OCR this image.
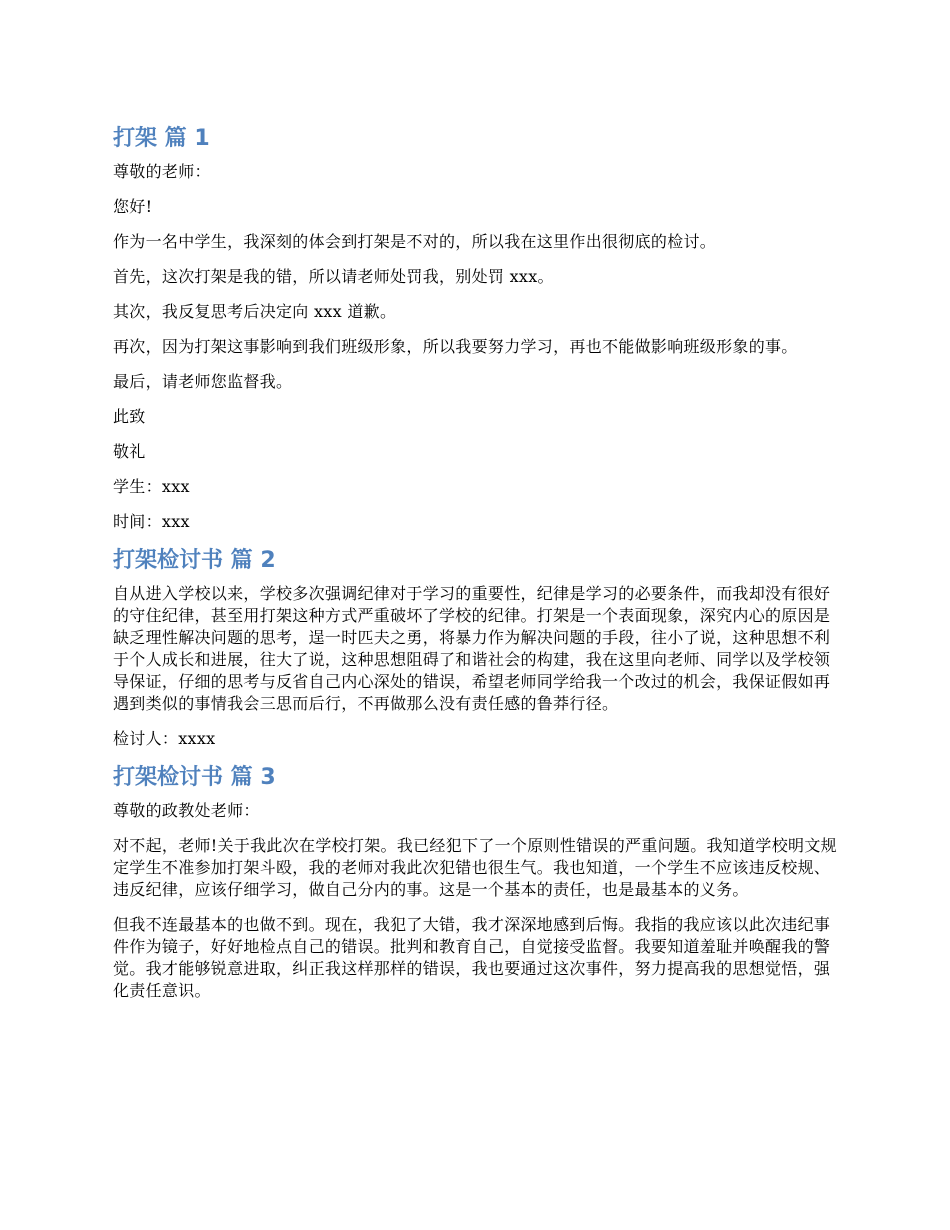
打架 篇 1

尊敬的老师：

您好!

作为一名中学生，我深刻的体会到打架是不对的，所以我在这里作出很彻底的检讨。

首先，这次打架是我的错，所以请老师处罚我，别处罚 xxx。

其次，我反复思考后决定向 xxx 道歉。

再次，因为打架这事影响到我们班级形象，所以我要努力学习，再也不能做影响班级形象的事。

最后，请老师您监督我。

此致

敬礼

学生：xxx

时间：xxx

打架检讨书 篇 2

自从进入学校以来，学校多次强调纪律对于学习的重要性，纪律是学习的必要条件，而我却没有很好的守住纪律，甚至用打架这种方式严重破坏了学校的纪律。打架是一个表面现象，深究内心的原因是缺乏理性解决问题的思考，逞一时匹夫之勇，将暴力作为解决问题的手段，往小了说，这种思想不利于个人成长和进展，往大了说，这种思想阻碍了和谐社会的构建，我在这里向老师、同学以及学校领导保证，仔细的思考与反省自己内心深处的错误，希望老师同学给我一个改过的机会，我保证假如再遇到类似的事情我会三思而后行，不再做那么没有责任感的鲁莽行径。

检讨人：xxxx

打架检讨书 篇 3

尊敬的政教处老师：

对不起，老师!关于我此次在学校打架。我已经犯下了一个原则性错误的严重问题。我知道学校明文规定学生不准参加打架斗殴，我的老师对我此次犯错也很生气。我也知道，一个学生不应该违反校规、违反纪律，应该仔细学习，做自己分内的事。这是一个基本的责任，也是最基本的义务。

但我不连最基本的也做不到。现在，我犯了大错，我才深深地感到后悔。我指的我应该以此次违纪事件作为镜子，好好地检点自己的错误。批判和教育自己，自觉接受监督。我要知道羞耻并唤醒我的警觉。我才能够锐意进取，纠正我这样那样的错误，我也要通过这次事件，努力提高我的思想觉悟，强化责任意识。
